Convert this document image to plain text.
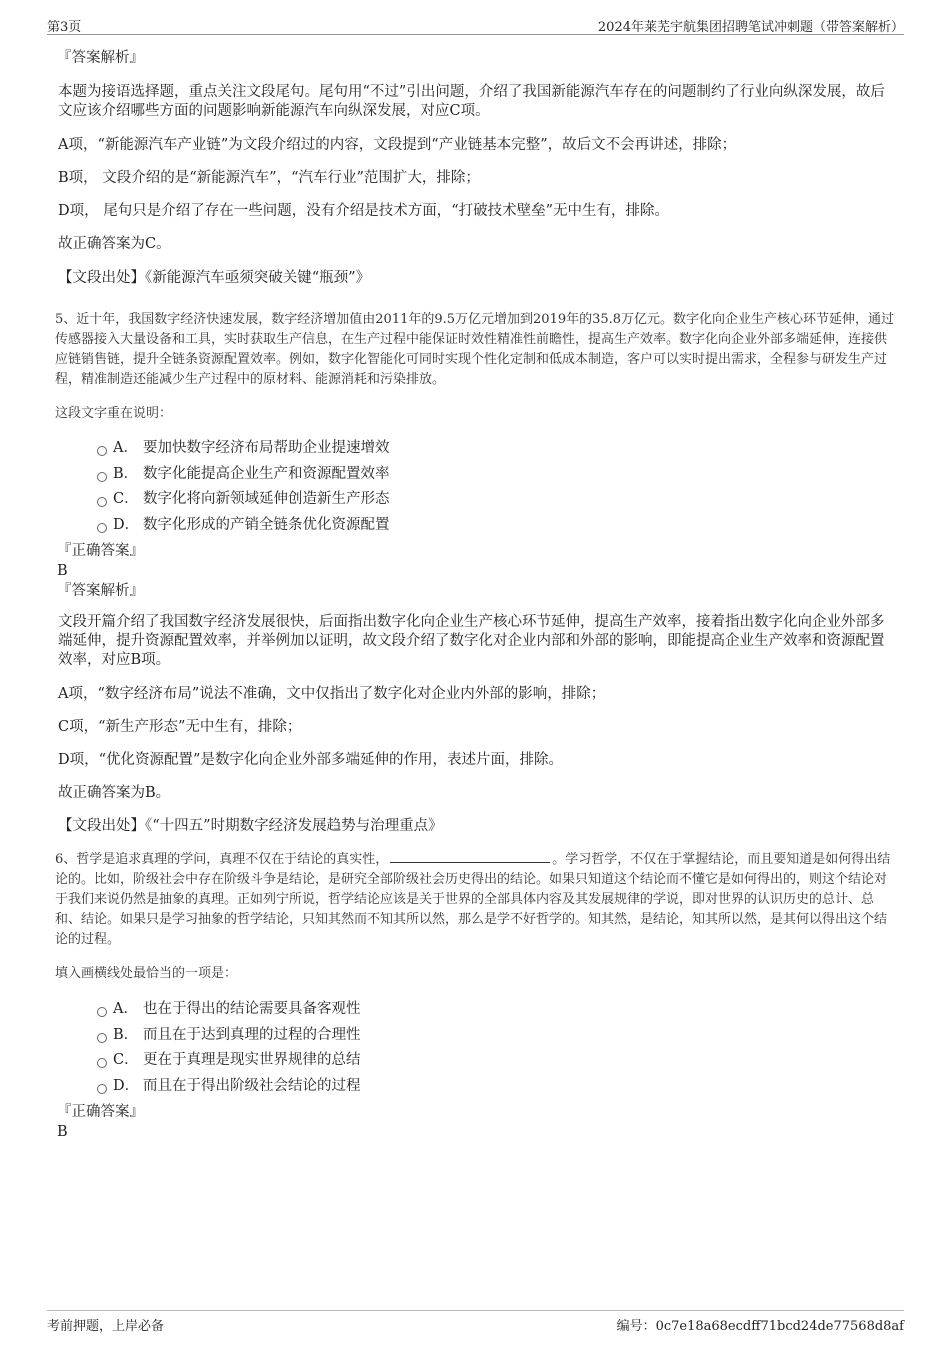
第3页	2024年莱芜宇航集团招聘笔试冲刺题（带答案解析）

『答案解析』

本题为接语选择题，重点关注文段尾句。尾句用“不过”引出问题，介绍了我国新能源汽车存在的问题制约了行业向纵深发展，故后文应该介绍哪些方面的问题影响新能源汽车向纵深发展，对应C项。

A项，“新能源汽车产业链”为文段介绍过的内容，文段提到“产业链基本完整”，故后文不会再讲述，排除；

B项， 文段介绍的是“新能源汽车”，“汽车行业”范围扩大，排除；

D项， 尾句只是介绍了存在一些问题，没有介绍是技术方面，“打破技术壁垒”无中生有，排除。

故正确答案为C。

【文段出处】《新能源汽车亟须突破关键“瓶颈”》

5、近十年，我国数字经济快速发展，数字经济增加值由2011年的9.5万亿元增加到2019年的35.8万亿元。数字化向企业生产核心环节延伸，通过传感器接入大量设备和工具，实时获取生产信息，在生产过程中能保证时效性精准性前瞻性，提高生产效率。数字化向企业外部多端延伸，连接供应链销售链，提升全链条资源配置效率。例如，数字化智能化可同时实现个性化定制和低成本制造，客户可以实时提出需求，全程参与研发生产过程，精准制造还能减少生产过程中的原材料、能源消耗和污染排放。

这段文字重在说明：

A． 要加快数字经济布局帮助企业提速增效
B． 数字化能提高企业生产和资源配置效率
C． 数字化将向新领域延伸创造新生产形态
D． 数字化形成的产销全链条优化资源配置

『正确答案』

B

『答案解析』

文段开篇介绍了我国数字经济发展很快，后面指出数字化向企业生产核心环节延伸，提高生产效率，接着指出数字化向企业外部多端延伸，提升资源配置效率，并举例加以证明，故文段介绍了数字化对企业内部和外部的影响，即能提高企业生产效率和资源配置效率，对应B项。

A项，“数字经济布局”说法不准确，文中仅指出了数字化对企业内外部的影响，排除；

C项，“新生产形态”无中生有，排除；

D项，“优化资源配置”是数字化向企业外部多端延伸的作用，表述片面，排除。

故正确答案为B。

【文段出处】《“十四五”时期数字经济发展趋势与治理重点》

6、哲学是追求真理的学问，真理不仅在于结论的真实性，	。学习哲学，不仅在于掌握结论，而且要知道是如何得出结论的。比如，阶级社会中存在阶级斗争是结论，是研究全部阶级社会历史得出的结论。如果只知道这个结论而不懂它是如何得出的，则这个结论对于我们来说仍然是抽象的真理。正如列宁所说，哲学结论应该是关于世界的全部具体内容及其发展规律的学说，即对世界的认识历史的总计、总和、结论。如果只是学习抽象的哲学结论，只知其然而不知其所以然，那么是学不好哲学的。知其然，是结论，知其所以然，是其何以得出这个结论的过程。

填入画横线处最恰当的一项是：

A． 也在于得出的结论需要具备客观性
B． 而且在于达到真理的过程的合理性
C． 更在于真理是现实世界规律的总结
D． 而且在于得出阶级社会结论的过程

『正确答案』

B

考前押题，上岸必备	编号：0c7e18a68ecdff71bcd24de77568d8af
